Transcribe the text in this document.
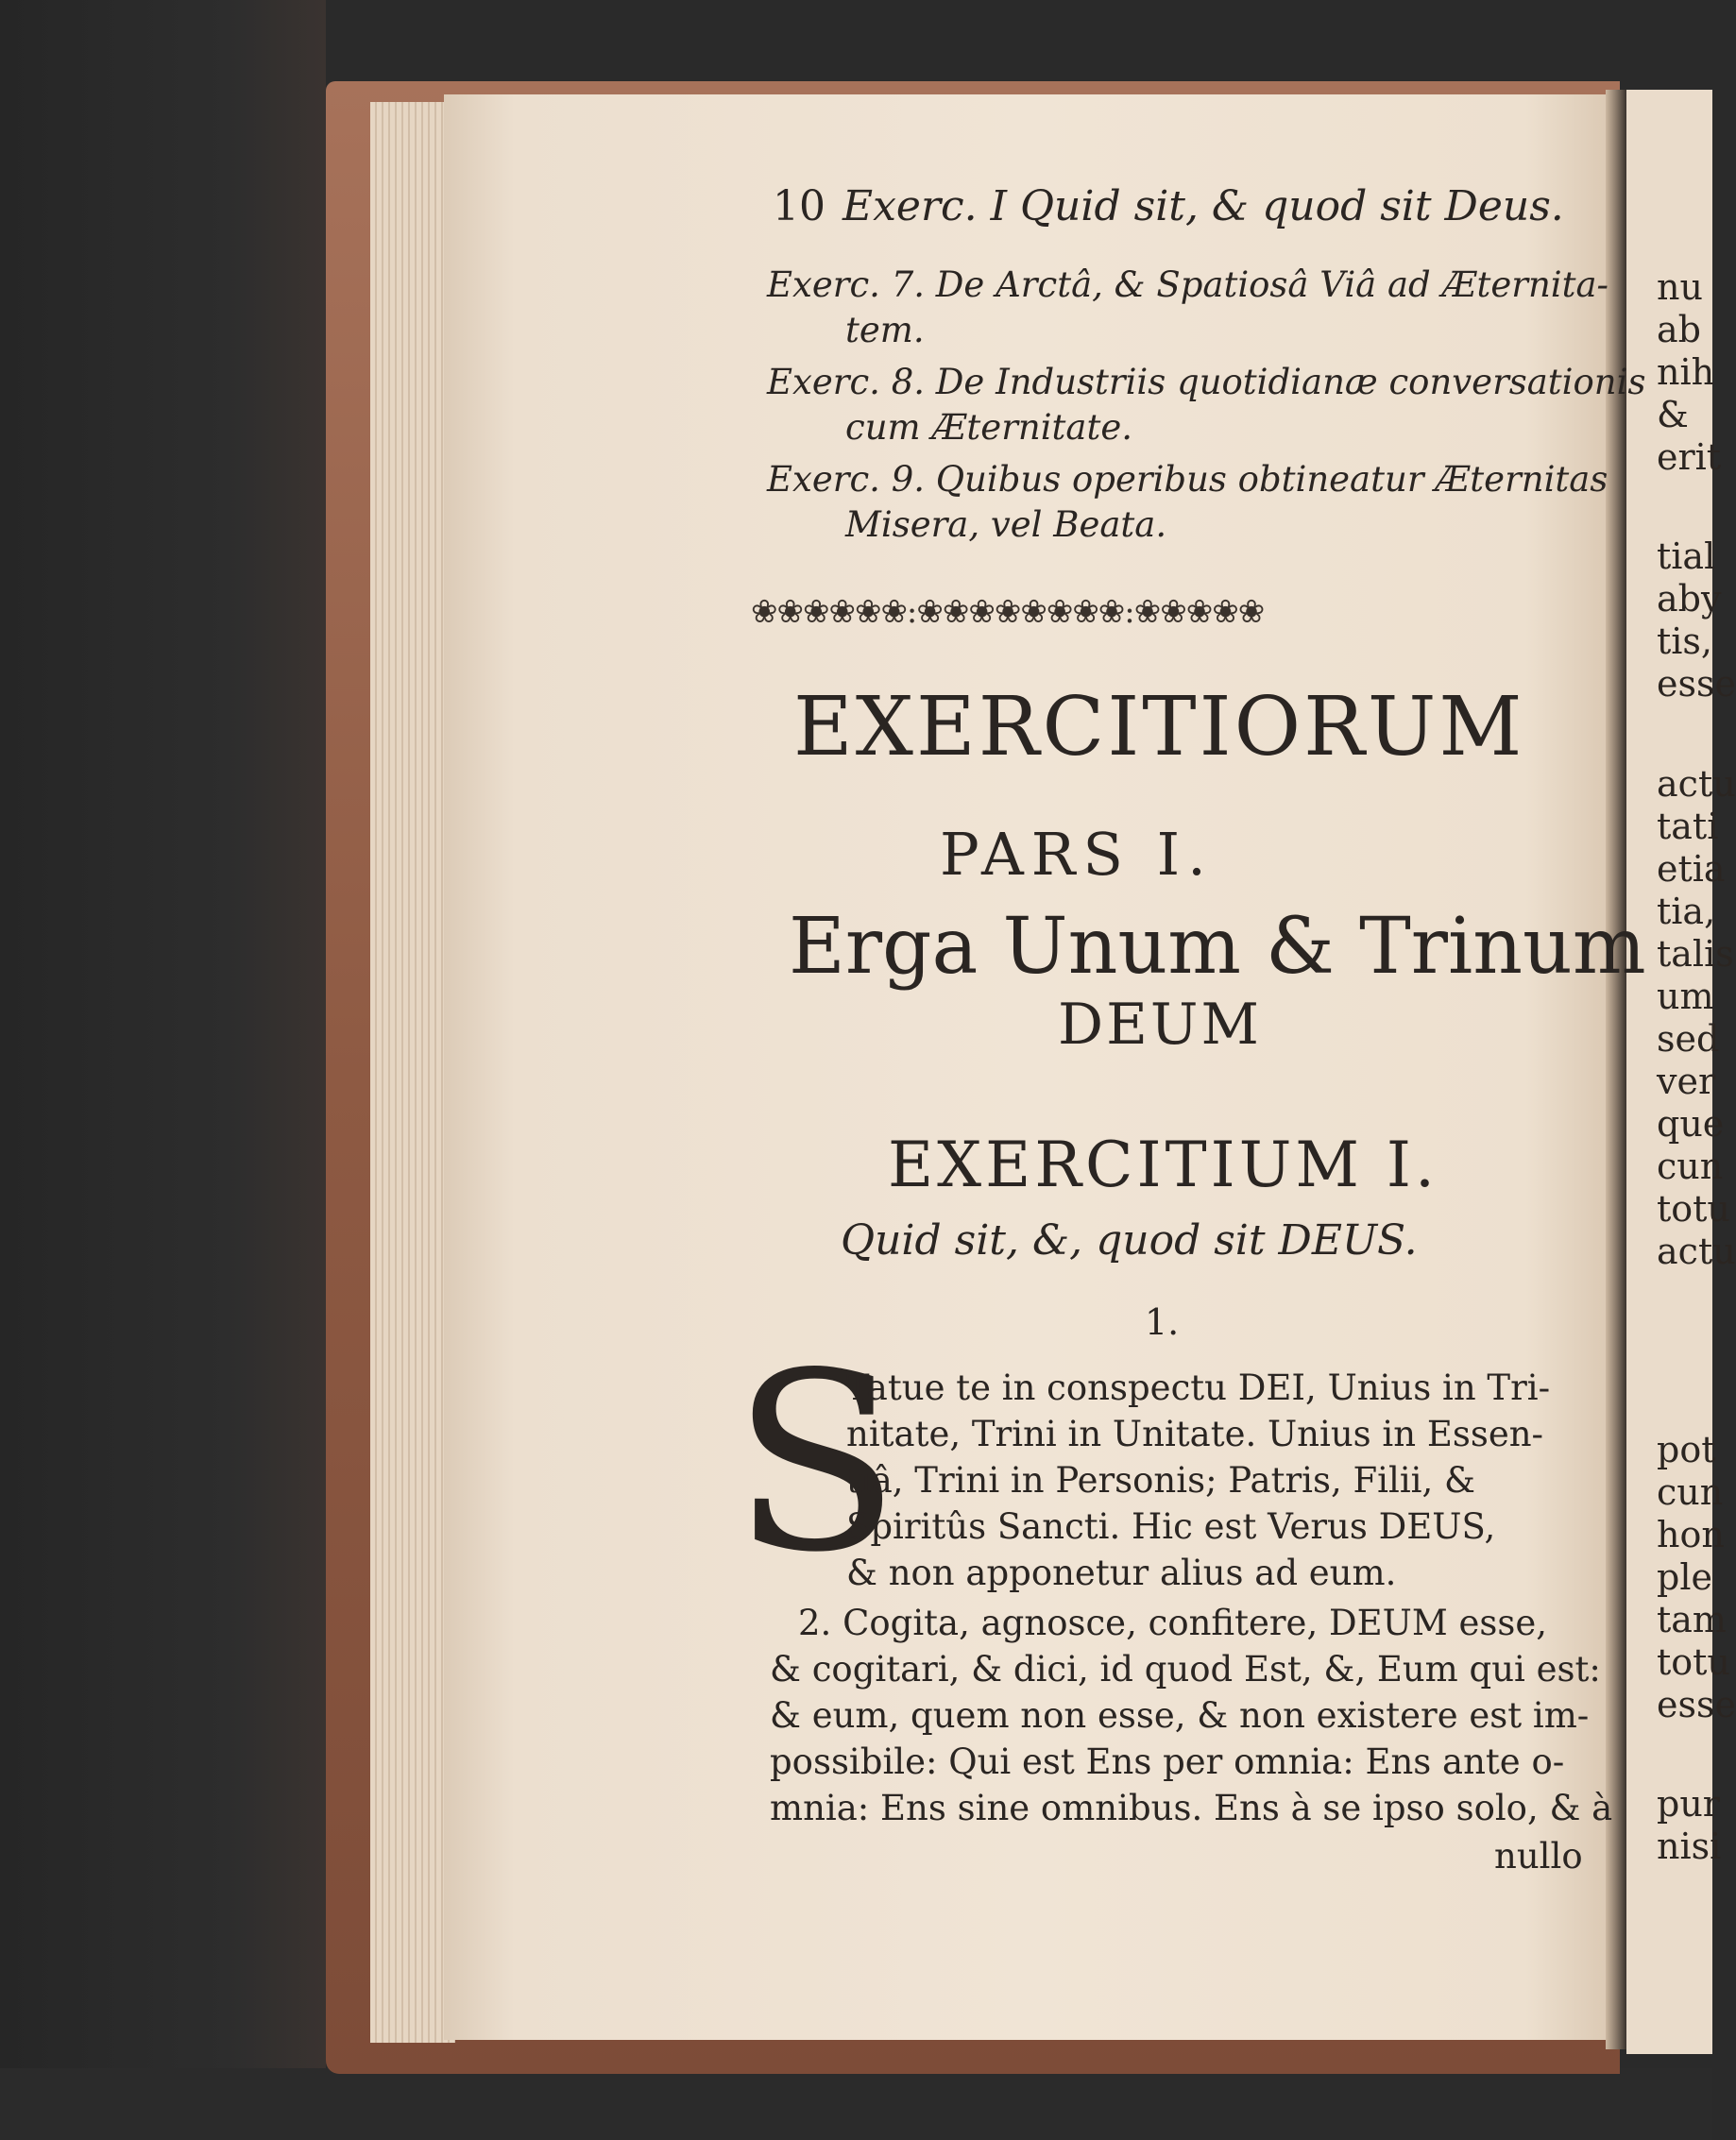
nu
ab
nih
&
erit
tial
aby
tis,
esse
actu
tati
etia
tia,
talis
um
sed
ver
que
cun
totu
actu
pot
cun
hon
ple
tam
totu
esse
pur
nisi
10 Exerc. I Quid sit, & quod sit Deus.
Exerc. 7. De Arctâ, & Spatiosâ Viâ ad Æternita-
tem.
Exerc. 8. De Industriis quotidianæ conversationis
cum Æternitate.
Exerc. 9. Quibus operibus obtineatur Æternitas
Misera, vel Beata.
❀❀❀❀❀❀:❀❀❀❀❀❀❀❀:❀❀❀❀❀
EXERCITIORUM
PARS I.
Erga Unum & Trinum
DEUM
EXERCITIUM I.
Quid sit, &, quod sit DEUS.
1.
S
Tatue te in conspectu DEI, Unius in Tri-
nitate, Trini in Unitate. Unius in Essen-
tiâ, Trini in Personis; Patris, Filii, &
Spiritûs Sancti. Hic est Verus DEUS,
& non apponetur alius ad eum.
2. Cogita, agnosce, confitere, DEUM esse,
& cogitari, & dici, id quod Est, &, Eum qui est:
& eum, quem non esse, & non existere est im-
possibile: Qui est Ens per omnia: Ens ante o-
mnia: Ens sine omnibus. Ens à se ipso solo, & à
nullo
